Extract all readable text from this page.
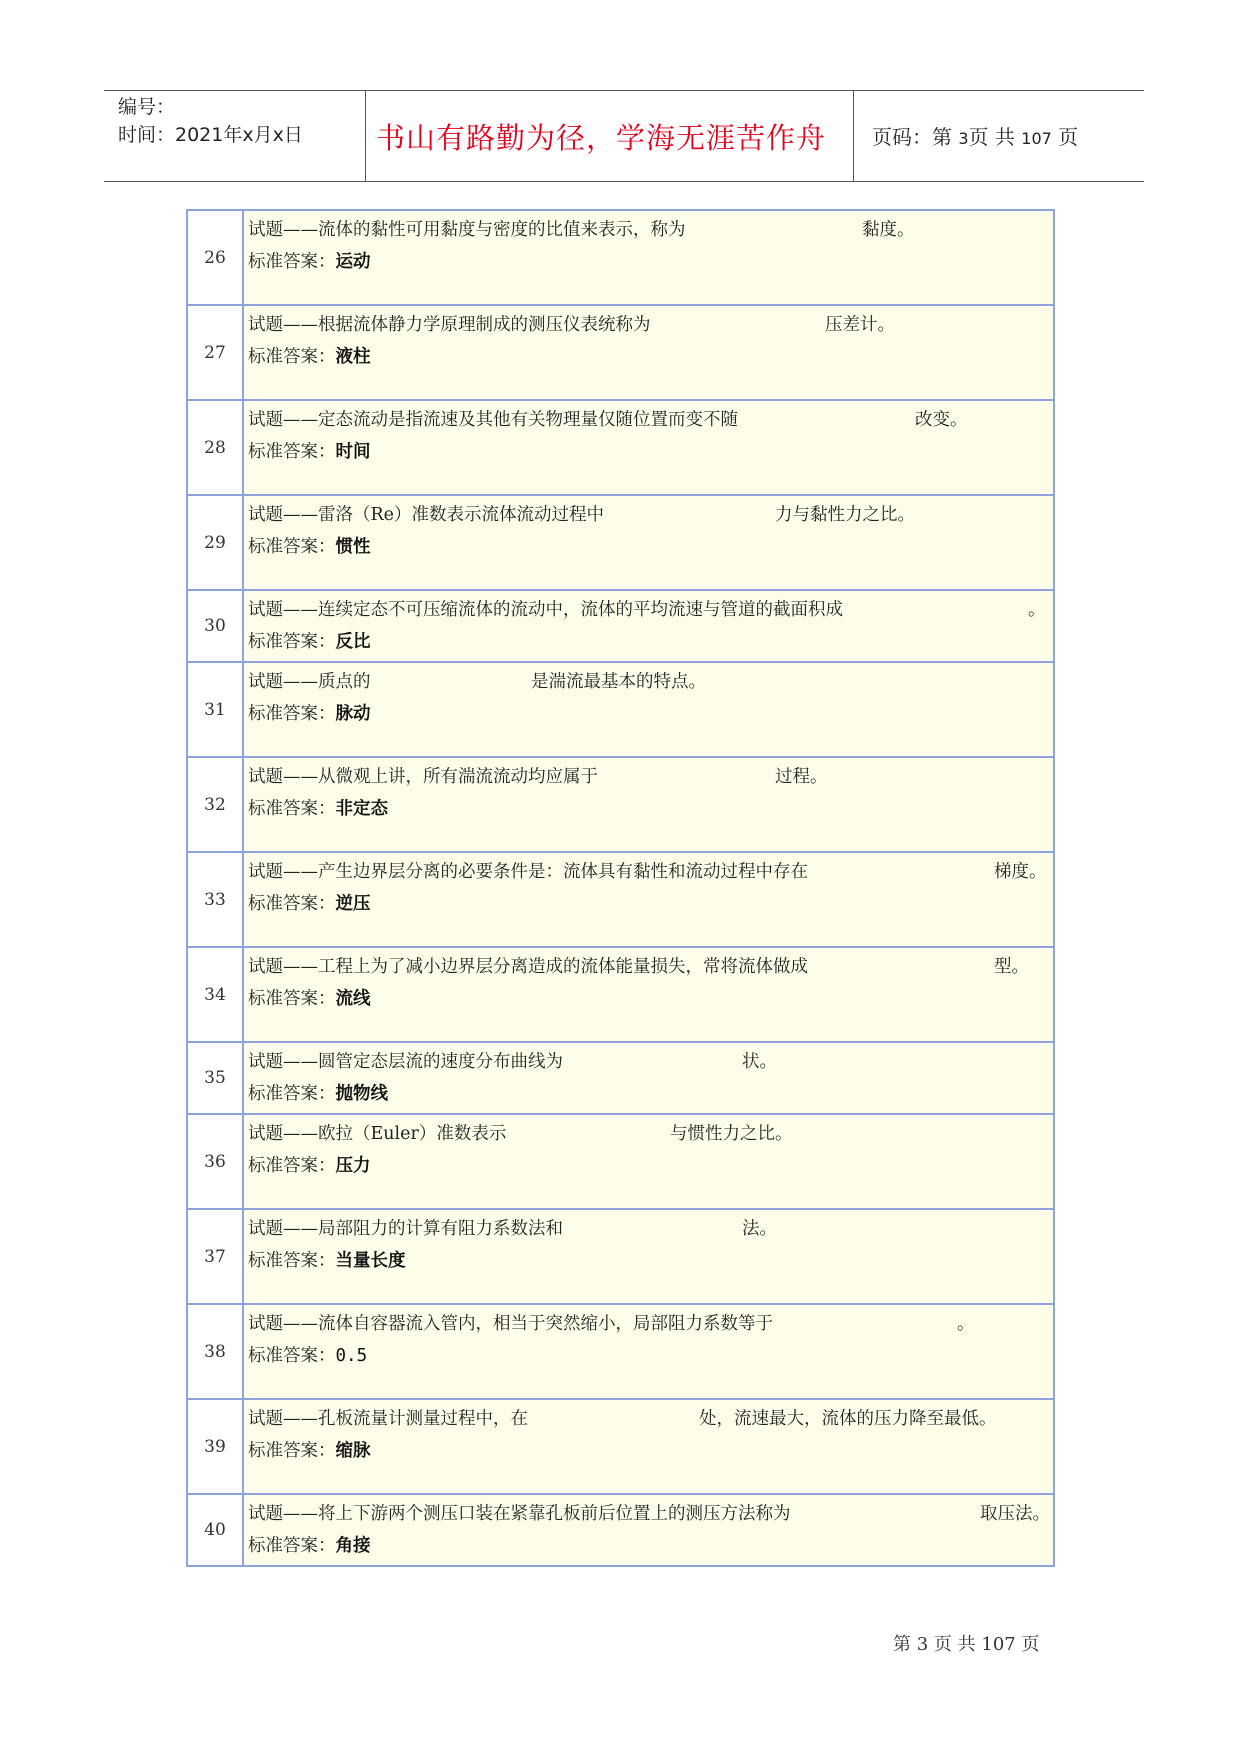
编号：
时间：2021年x月x日	书山有路勤为径，学海无涯苦作舟	页码：第 3页 共 107 页
26	试题——流体的黏性可用黏度与密度的比值来表示，称为 黏度。
标准答案：运动

27	试题——根据流体静力学原理制成的测压仪表统称为 压差计。
标准答案：液柱

28	试题——定态流动是指流速及其他有关物理量仅随位置而变不随 改变。
标准答案：时间

29	试题——雷洛（Re）准数表示流体流动过程中 力与黏性力之比。
标准答案：惯性

30	试题——连续定态不可压缩流体的流动中，流体的平均流速与管道的截面积成 。
标准答案：反比

31	试题——质点的 是湍流最基本的特点。
标准答案：脉动

32	试题——从微观上讲，所有湍流流动均应属于 过程。
标准答案：非定态

33	试题——产生边界层分离的必要条件是：流体具有黏性和流动过程中存在 梯度。
标准答案：逆压

34	试题——工程上为了减小边界层分离造成的流体能量损失，常将流体做成 型。
标准答案：流线

35	试题——圆管定态层流的速度分布曲线为 状。
标准答案：抛物线

36	试题——欧拉（Euler）准数表示 与惯性力之比。
标准答案：压力

37	试题——局部阻力的计算有阻力系数法和 法。
标准答案：当量长度

38	试题——流体自容器流入管内，相当于突然缩小，局部阻力系数等于 。
标准答案：0.5

39	试题——孔板流量计测量过程中，在 处，流速最大，流体的压力降至最低。
标准答案：缩脉

40	试题——将上下游两个测压口装在紧靠孔板前后位置上的测压方法称为 取压法。
标准答案：角接
第 3 页 共 107 页
